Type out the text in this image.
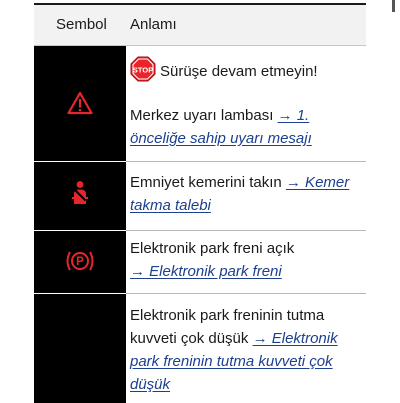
Sembol Anlamı

STOP Sürüşe devam etmeyin!

Merkez uyarı lambası → 1. önceliğe sahip uyarı mesajı

Emniyet kemerini takın → Kemer takma talebi

P

Elektronik park freni açık
→ Elektronik park freni

Elektronik park freninin tutma kuvveti çok düşük → Elektronik park freninin tutma kuvveti çok düşük
